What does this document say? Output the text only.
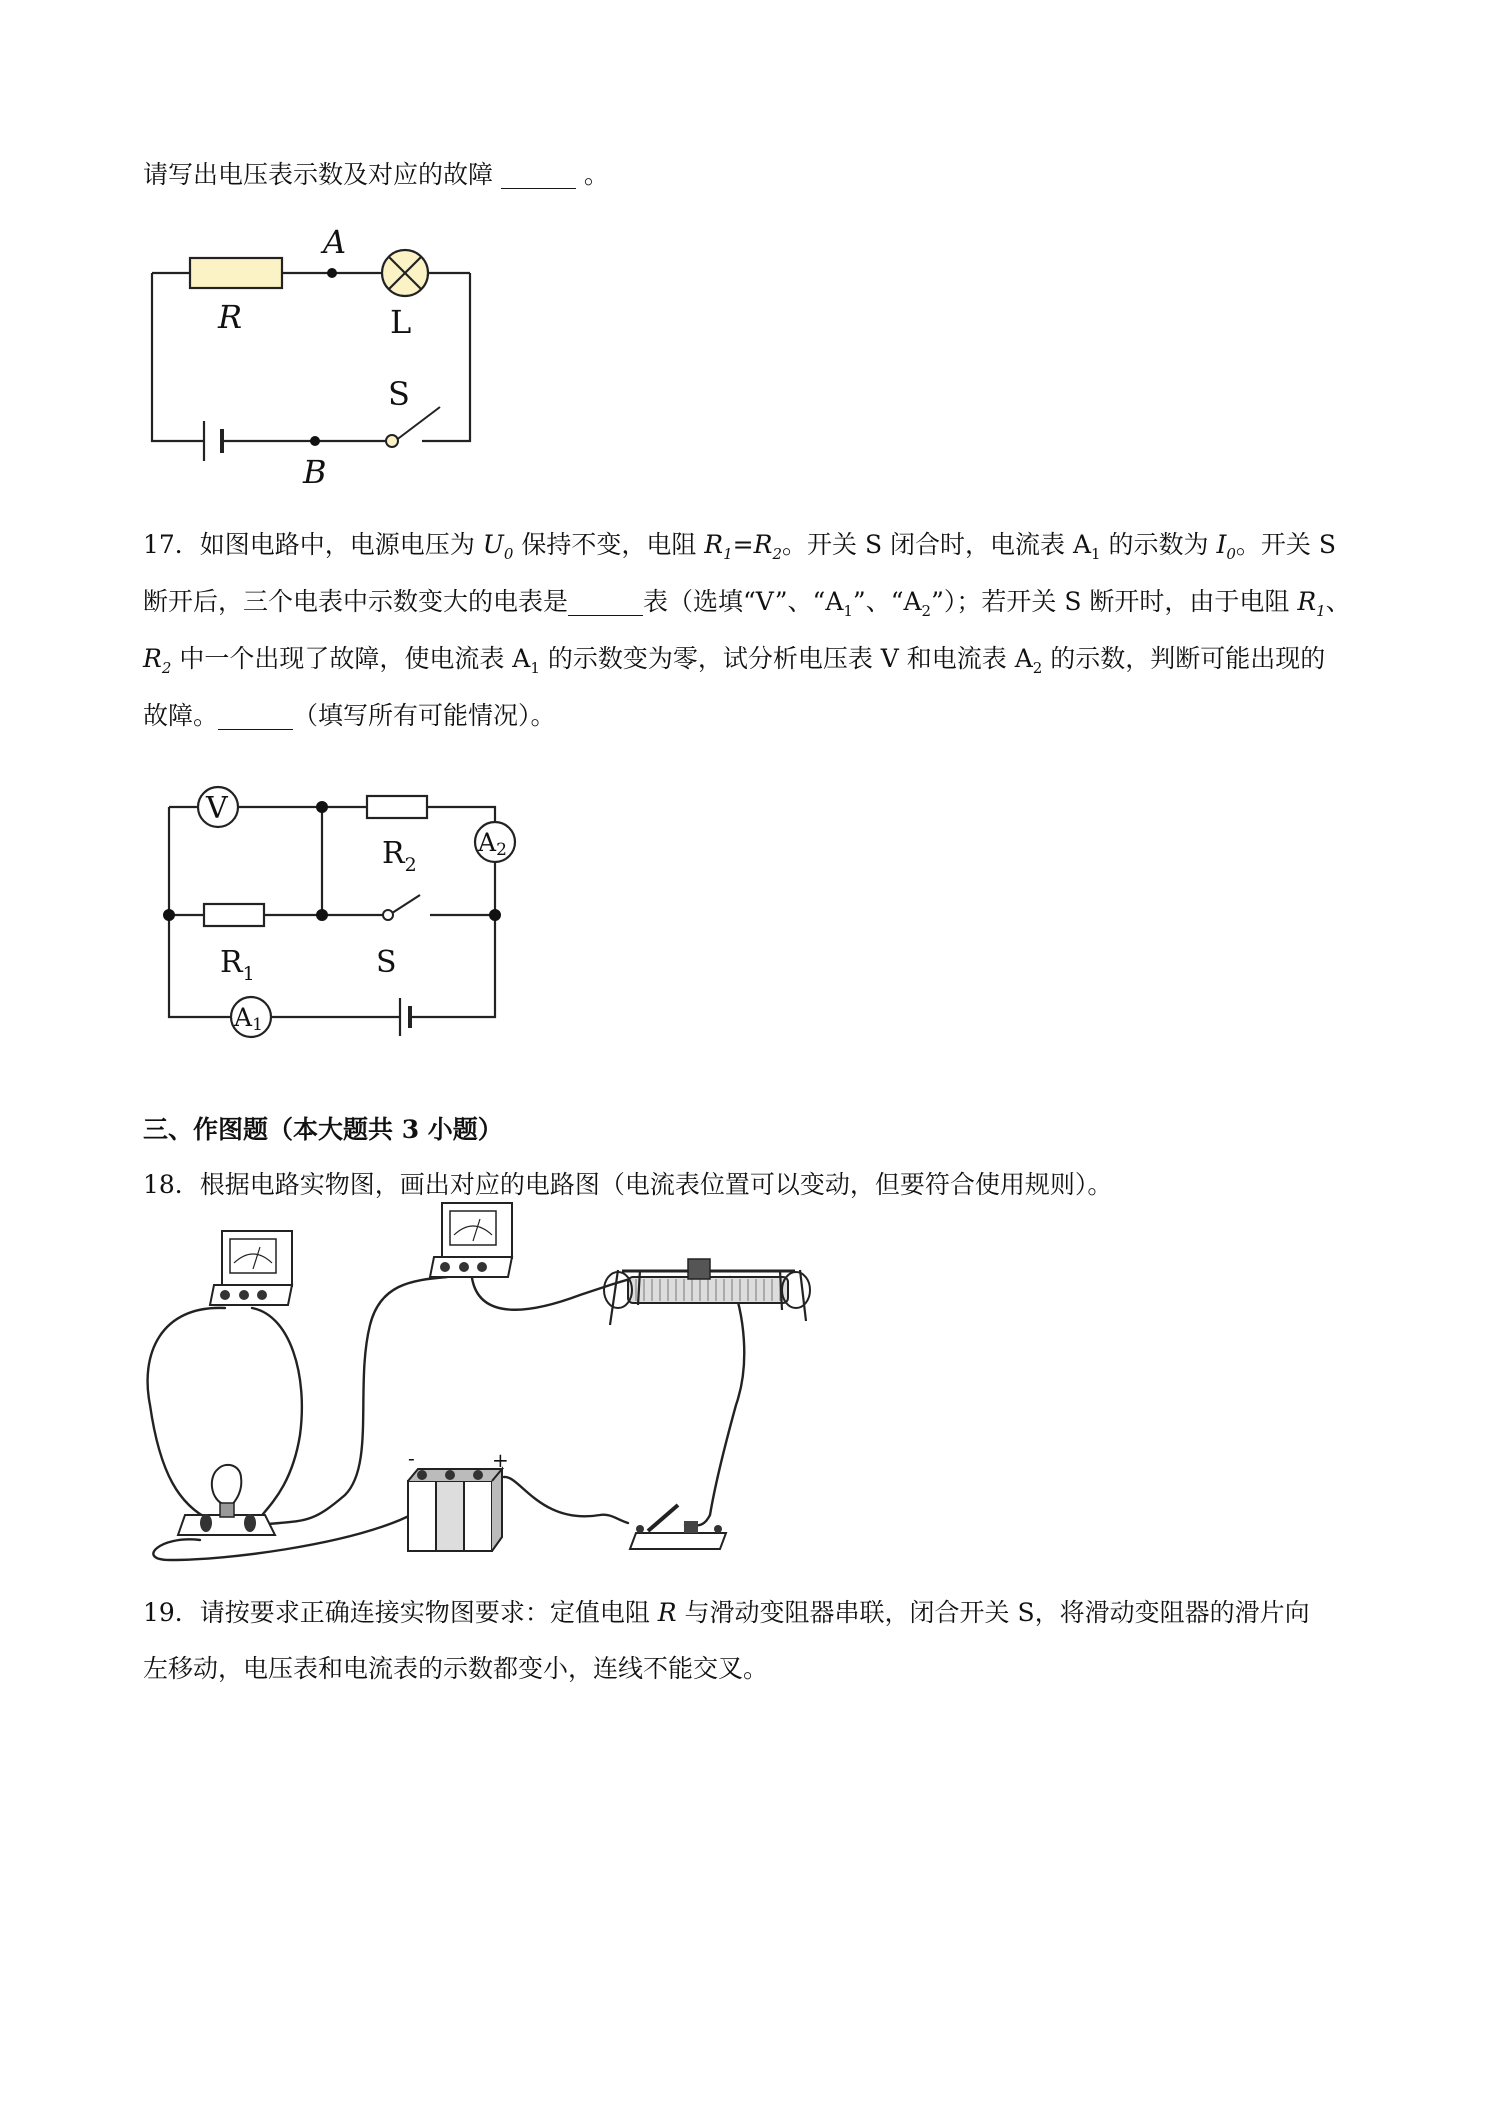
请写出电压表示数及对应的故障 ______ 。
A
R	L
S
B
17．如图电路中，电源电压为 $U_0$ 保持不变，电阻 $R_1=R_2$。开关 S 闭合时，电流表 $A_1$ 的示数为 $I_0$。开关 S
断开后，三个电表中示数变大的电表是______表（选填“V”、“$A_1$”、“$A_2$”）；若开关 S 断开时，由于电阻 $R_1$、
$R_2$ 中一个出现了故障，使电流表 $A_1$ 的示数变为零，试分析电压表 V 和电流表 $A_2$ 的示数，判断可能出现的
故障。______（填写所有可能情况）。
V
$R_2$
A2
$R_1$	S
A1
三、作图题（本大题共 3 小题）
18．根据电路实物图，画出对应的电路图（电流表位置可以变动，但要符合使用规则）。
-	+
19．请按要求正确连接实物图要求：定值电阻 R 与滑动变阻器串联，闭合开关 S，将滑动变阻器的滑片向
左移动，电压表和电流表的示数都变小，连线不能交叉。
